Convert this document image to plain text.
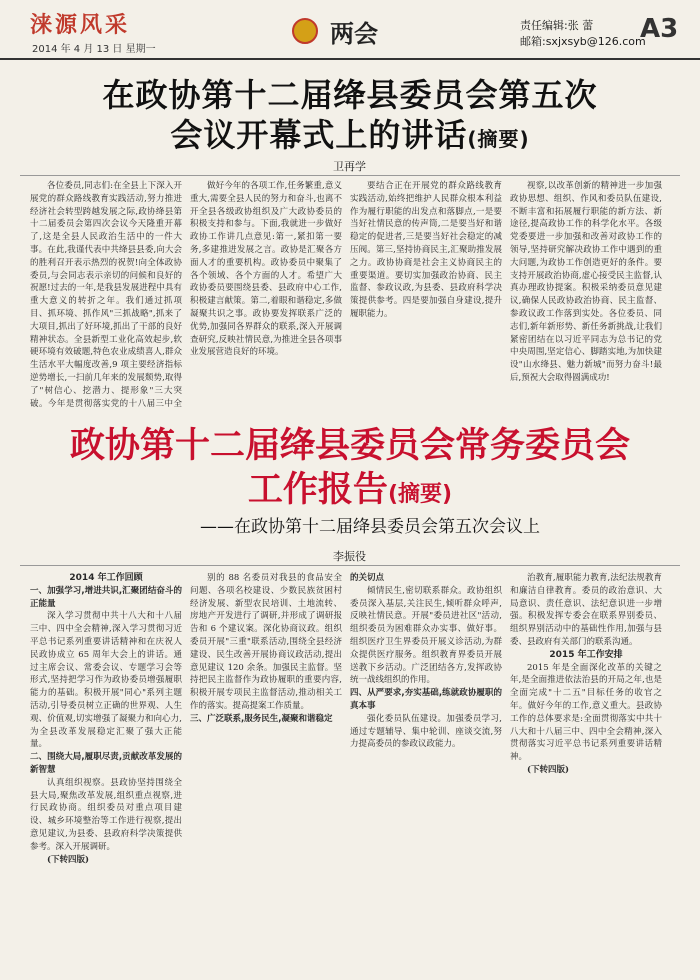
涞源风采
2014 年 4 月 13 日 星期一
两会	责任编辑:张 蕾
邮箱:sxjxsyb@126.com
A3
在政协第十二届绛县委员会第五次
会议开幕式上的讲话(摘要)
卫再学

各位委员,同志们:在全县上下深入开展党的群众路线教育实践活动,努力推进经济社会转型跨越发展之际,政协绛县第十二届委员会第四次会议今天隆重开幕了,这是全县人民政治生活中的一件大事。在此,我谨代表中共绛县县委,向大会的胜利召开表示热烈的祝贺!向全体政协委员,与会同志表示亲切的问候和良好的祝愿!过去的一年,是我县发展进程中具有重大意义的转折之年。我们通过抓项目、抓环境、抓作风"三抓战略",抓来了大项目,抓出了好环境,抓出了干部的良好精神状态。全县新型工业化高效起步,软硬环境有效破题,特色农业成绩喜人,群众生活水平大幅度改善,9 项主要经济指标逆势增长,一扫前几年来的发展颓势,取得了"树信心、挖潜力、提形象"三大突破。今年是贯彻落实党的十八届三中全

做好今年的各项工作,任务繁重,意义重大,需要全县人民的努力和奋斗,也离不开全县各级政协组织及广大政协委员的积极支持和参与。下面,我就进一步做好政协工作讲几点意见:第一,紧扣第一要务,多建推进发展之言。政协是汇聚各方面人才的重要机构。政协委员中聚集了各个领域、各个方面的人才。希望广大政协委员要围绕县委、县政府中心工作,积极建言献策。第二,着眼和谐稳定,多做凝聚共识之事。政协要发挥联系广泛的优势,加强同各界群众的联系,深入开展调查研究,反映社情民意,为推进全县各项事业发展营造良好的环境。

要结合正在开展党的群众路线教育实践活动,始终把维护人民群众根本利益作为履行职能的出发点和落脚点,一是要当好社情民意的传声筒,二是要当好和谐稳定的促进者,三是要当好社会稳定的减压阀。第三,坚持协商民主,汇聚助推发展之力。政协协商是社会主义协商民主的重要渠道。要切实加强政治协商、民主监督、参政议政,为县委、县政府科学决策提供参考。四是要加强自身建设,提升履职能力。

视察,以改革创新的精神进一步加强政协思想、组织、作风和委员队伍建设,不断丰富和拓展履行职能的新方法、新途径,提高政协工作的科学化水平。各级党委要进一步加强和改善对政协工作的领导,坚持研究解决政协工作中遇到的重大问题,为政协工作创造更好的条件。要支持开展政治协商,虚心接受民主监督,认真办理政协提案。积极采纳委员意见建议,确保人民政协政治协商、民主监督、参政议政工作落到实处。各位委员、同志们,新年新形势、新任务新挑战,让我们紧密团结在以习近平同志为总书记的党中央周围,坚定信心、脚踏实地,为加快建设"山水绛县、魅力新城"而努力奋斗!最后,预祝大会取得圆满成功!

政协第十二届绛县委员会常务委员会
工作报告(摘要)
——在政协第十二届绛县委员会第五次会议上
李振役

2014 年工作回顾

一、加强学习,增进共识,汇聚团结奋斗的正能量

深入学习贯彻中共十八大和十八届三中、四中全会精神,深入学习贯彻习近平总书记系列重要讲话精神和在庆祝人民政协成立 65 周年大会上的讲话。通过主席会议、常委会议、专题学习会等形式,坚持把学习作为政协委员增强履职能力的基础。积极开展"同心"系列主题活动,引导委员树立正确的世界观、人生观、价值观,切实增强了凝聚力和向心力,为全县改革发展稳定汇聚了强大正能量。

二、围绕大局,履职尽责,贡献改革发展的新智慧

认真组织视察。县政协坚持围绕全县大局,聚焦改革发展,组织重点视察,进行民政协商。组织委员对重点项目建设、城乡环境整治等工作进行视察,提出意见建议,为县委、县政府科学决策提供参考。深入开展调研。

(下转四版)

别的 88 名委员对我县的食品安全问题、各项名校建设、少数民族贫困村经济发展、新型农民培训、土地流转、房地产开发进行了调研,并形成了调研报告和 6 个建议案。深化协商议政。组织委员开展"三重"联系活动,围绕全县经济建设、民生改善开展协商议政活动,提出意见建议 120 余条。加强民主监督。坚持把民主监督作为政协履职的重要内容,积极开展专项民主监督活动,推动相关工作的落实。提高提案工作质量。

三、广泛联系,服务民生,凝聚和谐稳定

的关切点

倾情民生,密切联系群众。政协组织委员深入基层,关注民生,倾听群众呼声,反映社情民意。开展"委员进社区"活动,组织委员为困难群众办实事、做好事。组织医疗卫生界委员开展义诊活动,为群众提供医疗服务。组织教育界委员开展送教下乡活动。广泛团结各方,发挥政协统一战线组织的作用。

四、从严要求,夯实基础,练就政协履职的真本事

强化委员队伍建设。加强委员学习,通过专题辅导、集中轮训、座谈交流,努力提高委员的参政议政能力。

治教育,履职能力教育,法纪法规教育和廉洁自律教育。委员的政治意识、大局意识、责任意识、法纪意识进一步增强。积极发挥专委会在联系界别委员、组织界别活动中的基础性作用,加强与县委、县政府有关部门的联系沟通。

2015 年工作安排

2015 年是全面深化改革的关键之年,是全面推进依法治县的开局之年,也是全面完成"十二五"目标任务的收官之年。做好今年的工作,意义重大。县政协工作的总体要求是:全面贯彻落实中共十八大和十八届三中、四中全会精神,深入贯彻落实习近平总书记系列重要讲话精神。

(下转四版)
